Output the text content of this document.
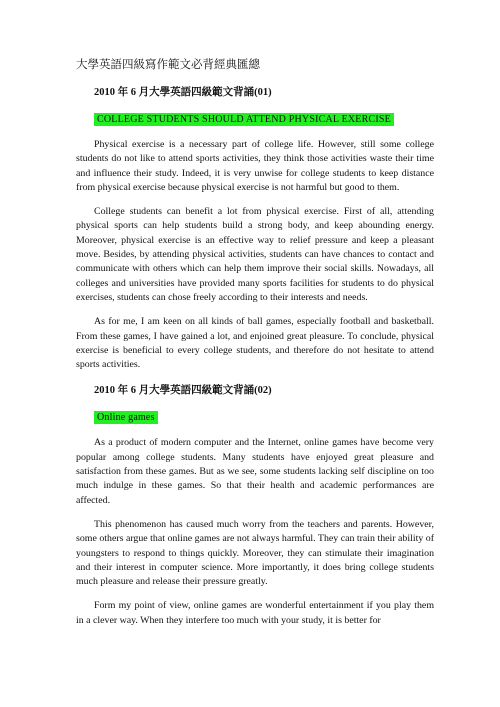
大學英語四級寫作範文必背經典匯總
2010 年 6 月大學英語四級範文背誦(01)
COLLEGE STUDENTS SHOULD ATTEND PHYSICAL EXERCISE

Physical exercise is a necessary part of college life. However, still some college students do not like to attend sports activities, they think those activities waste their time and influence their study. Indeed, it is very unwise for college students to keep distance from physical exercise because physical exercise is not harmful but good to them.

College students can benefit a lot from physical exercise. First of all, attending physical sports can help students build a strong body, and keep abounding energy. Moreover, physical exercise is an effective way to relief pressure and keep a pleasant move. Besides, by attending physical activities, students can have chances to contact and communicate with others which can help them improve their social skills. Nowadays, all colleges and universities have provided many sports facilities for students to do physical exercises, students can chose freely according to their interests and needs.

As for me, I am keen on all kinds of ball games, especially football and basketball. From these games, I have gained a lot, and enjoined great pleasure. To conclude, physical exercise is beneficial to every college students, and therefore do not hesitate to attend sports activities.

2010 年 6 月大學英語四級範文背誦(02)
Online games

As a product of modern computer and the Internet, online games have become very popular among college students. Many students have enjoyed great pleasure and satisfaction from these games. But as we see, some students lacking self discipline on too much indulge in these games. So that their health and academic performances are affected.

This phenomenon has caused much worry from the teachers and parents. However, some others argue that online games are not always harmful. They can train their ability of youngsters to respond to things quickly. Moreover, they can stimulate their imagination and their interest in computer science. More importantly, it does bring college students much pleasure and release their pressure greatly.

Form my point of view, online games are wonderful entertainment if you play them in a clever way. When they interfere too much with your study, it is better for
